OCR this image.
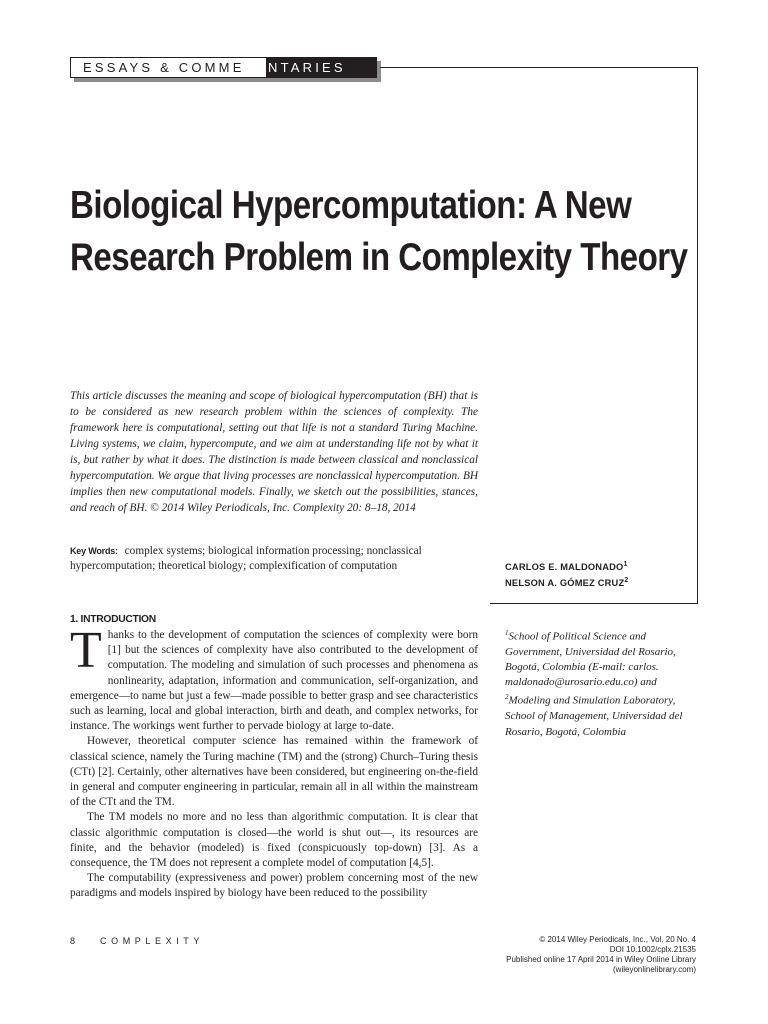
ESSAYS & COMME NTARIES
Biological Hypercomputation: A New Research Problem in Complexity Theory
This article discusses the meaning and scope of biological hypercomputation (BH) that is to be considered as new research problem within the sciences of complexity. The framework here is computational, setting out that life is not a standard Turing Machine. Living systems, we claim, hypercompute, and we aim at understanding life not by what it is, but rather by what it does. The distinction is made between classical and nonclassical hypercomputation. We argue that living processes are nonclassical hypercomputation. BH implies then new computational models. Finally, we sketch out the possibilities, stances, and reach of BH. © 2014 Wiley Periodicals, Inc. Complexity 20: 8–18, 2014
Key Words: complex systems; biological information processing; nonclassical hypercomputation; theoretical biology; complexification of computation	CARLOS E. MALDONADO$^1$
NELSON A. GÓMEZ CRUZ$^2$
1. INTRODUCTION

Thanks to the development of computation the sciences of complexity were born [1] but the sciences of complexity have also contributed to the development of computation. The modeling and simulation of such processes and phenomena as nonlinearity, adaptation, information and communication, self-organization, and emergence—to name but just a few—made possible to better grasp and see characteristics such as learning, local and global interaction, birth and death, and complex networks, for instance. The workings went further to pervade biology at large to-date.

However, theoretical computer science has remained within the framework of classical science, namely the Turing machine (TM) and the (strong) Church–Turing thesis (CTt) [2]. Certainly, other alternatives have been considered, but engineering on-the-field in general and computer engineering in particular, remain all in all within the mainstream of the CTt and the TM.

The TM models no more and no less than algorithmic computation. It is clear that classic algorithmic computation is closed—the world is shut out—, its resources are finite, and the behavior (modeled) is fixed (conspicuously top-down) [3]. As a consequence, the TM does not represent a complete model of computation [4,5].

The computability (expressiveness and power) problem concerning most of the new paradigms and models inspired by biology have been reduced to the possibility

$^1$School of Political Science and Government, Universidad del Rosario, Bogotá, Colombia (E-mail: carlos. maldonado@urosario.edu.co) and

$^2$Modeling and Simulation Laboratory, School of Management, Universidad del Rosario, Bogotá, Colombia

8	COMPLEXITY	© 2014 Wiley Periodicals, Inc., Vol. 20 No. 4
DOI 10.1002/cplx.21535
Published online 17 April 2014 in Wiley Online Library
(wileyonlinelibrary.com)
